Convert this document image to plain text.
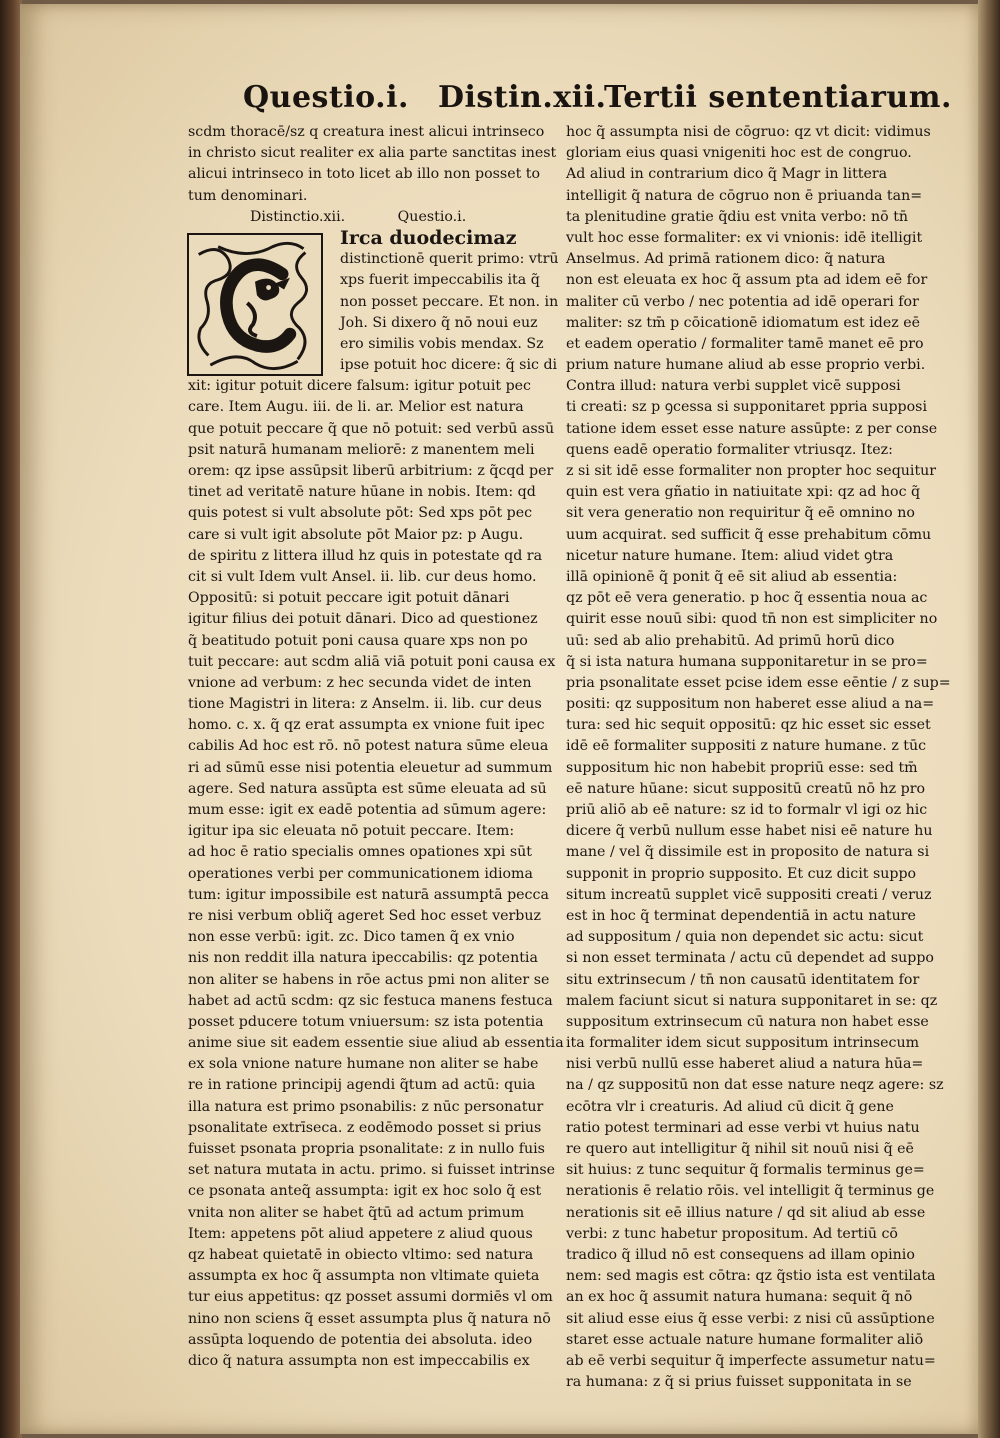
Questio.i. Distin.xii.
Tertii sententiarum.
scdm thoracē/sz q creatura inest alicui intrinseco
in christo sicut realiter ex alia parte sanctitas inest
alicui intrinseco in toto licet ab illo non posset to
tum denominari.
Distinctio.xii.	Questio.i.
Irca duodecimaz
distinctionē querit primo: vtrū
xps fuerit impeccabilis ita q̃
non posset peccare. Et non. in
Joh. Si dixero q̃ nō noui euz
ero similis vobis mendax. Sz
ipse potuit hoc dicere: q̃ sic di
xit: igitur potuit dicere falsum: igitur potuit pec
care. Item Augu. iii. de li. ar. Melior est natura
que potuit peccare q̃ que nō potuit: sed verbū assū
psit naturā humanam meliorē: z manentem meli
orem: qz ipse assūpsit liberū arbitrium: z q̃cqd per
tinet ad veritatē nature hūane in nobis. Item: qd
quis potest si vult absolute pōt: Sed xps pōt pec
care si vult igit absolute pōt Maior pz: p Augu.
de spiritu z littera illud hz quis in potestate qd ra
cit si vult Idem vult Ansel. ii. lib. cur deus homo.
Oppositū: si potuit peccare igit potuit dānari
igitur filius dei potuit dānari. Dico ad questionez
q̃ beatitudo potuit poni causa quare xps non po
tuit peccare: aut scdm aliā viā potuit poni causa ex
vnione ad verbum: z hec secunda videt de inten
tione Magistri in litera: z Anselm. ii. lib. cur deus
homo. c. x. q̃ qz erat assumpta ex vnione fuit ipec
cabilis Ad hoc est rō. nō potest natura sūme eleua
ri ad sūmū esse nisi potentia eleuetur ad summum
agere. Sed natura assūpta est sūme eleuata ad sū
mum esse: igit ex eadē potentia ad sūmum agere:
igitur ipa sic eleuata nō potuit peccare. Item:
ad hoc ē ratio specialis omnes opationes xpi sūt
operationes verbi per communicationem idioma
tum: igitur impossibile est naturā assumptā pecca
re nisi verbum obliq̃ ageret Sed hoc esset verbuz
non esse verbū: igit. zc. Dico tamen q̃ ex vnio
nis non reddit illa natura ipeccabilis: qz potentia
non aliter se habens in rōe actus pmi non aliter se
habet ad actū scdm: qz sic festuca manens festuca
posset pducere totum vniuersum: sz ista potentia
anime siue sit eadem essentie siue aliud ab essentia
ex sola vnione nature humane non aliter se habe
re in ratione principij agendi q̃tum ad actū: quia
illa natura est primo psonabilis: z nūc personatur
psonalitate extrīseca. z eodēmodo posset si prius
fuisset psonata propria psonalitate: z in nullo fuis
set natura mutata in actu. primo. si fuisset intrinse
ce psonata anteq̃ assumpta: igit ex hoc solo q̃ est
vnita non aliter se habet q̃tū ad actum primum
Item: appetens pōt aliud appetere z aliud quous
qz habeat quietatē in obiecto vltimo: sed natura
assumpta ex hoc q̃ assumpta non vltimate quieta
tur eius appetitus: qz posset assumi dormiēs vl om
nino non sciens q̃ esset assumpta plus q̃ natura nō
assūpta loquendo de potentia dei absoluta. ideo
dico q̃ natura assumpta non est impeccabilis ex
hoc q̃ assumpta nisi de cōgruo: qz vt dicit: vidimus
gloriam eius quasi vnigeniti hoc est de congruo.
Ad aliud in contrarium dico q̃ Magr in littera
intelligit q̃ natura de cōgruo non ē priuanda tan=
ta plenitudine gratie q̃diu est vnita verbo: nō tn̄
vult hoc esse formaliter: ex vi vnionis: idē itelligit
Anselmus. Ad primā rationem dico: q̃ natura
non est eleuata ex hoc q̃ assum pta ad idem eē for
maliter cū verbo / nec potentia ad idē operari for
maliter: sz tm̄ p cōicationē idiomatum est idez eē
et eadem operatio / formaliter tamē manet eē pro
prium nature humane aliud ab esse proprio verbi.
Contra illud: natura verbi supplet vicē supposi
ti creati: sz p ꝯcessa si supponitaret ppria supposi
tatione idem esset esse nature assūpte: z per conse
quens eadē operatio formaliter vtriusqz. Itez:
z si sit idē esse formaliter non propter hoc sequitur
quin est vera gñatio in natiuitate xpi: qz ad hoc q̃
sit vera generatio non requiritur q̃ eē omnino no
uum acquirat. sed sufficit q̃ esse prehabitum cōmu
nicetur nature humane. Item: aliud videt ꝯtra
illā opinionē q̃ ponit q̃ eē sit aliud ab essentia:
qz pōt eē vera generatio. p hoc q̃ essentia noua ac
quirit esse nouū sibi: quod tn̄ non est simpliciter no
uū: sed ab alio prehabitū. Ad primū horū dico
q̃ si ista natura humana supponitaretur in se pro=
pria psonalitate esset pcise idem esse eēntie / z sup=
positi: qz suppositum non haberet esse aliud a na=
tura: sed hic sequit oppositū: qz hic esset sic esset
idē eē formaliter suppositi z nature humane. z tūc
suppositum hic non habebit propriū esse: sed tm̄
eē nature hūane: sicut suppositū creatū nō hz pro
priū aliō ab eē nature: sz id to formalr vl igi oz hic
dicere q̃ verbū nullum esse habet nisi eē nature hu
mane / vel q̃ dissimile est in proposito de natura si
supponit in proprio supposito. Et cuz dicit suppo
situm increatū supplet vicē suppositi creati / veruz
est in hoc q̃ terminat dependentiā in actu nature
ad suppositum / quia non dependet sic actu: sicut
si non esset terminata / actu cū dependet ad suppo
situ extrinsecum / tn̄ non causatū identitatem for
malem faciunt sicut si natura supponitaret in se: qz
suppositum extrinsecum cū natura non habet esse
ita formaliter idem sicut suppositum intrinsecum
nisi verbū nullū esse haberet aliud a natura hūa=
na / qz suppositū non dat esse nature neqz agere: sz
ecōtra vlr i creaturis. Ad aliud cū dicit q̃ gene
ratio potest terminari ad esse verbi vt huius natu
re quero aut intelligitur q̃ nihil sit nouū nisi q̃ eē
sit huius: z tunc sequitur q̃ formalis terminus ge=
nerationis ē relatio rōis. vel intelligit q̃ terminus ge
nerationis sit eē illius nature / qd sit aliud ab esse
verbi: z tunc habetur propositum. Ad tertiū cō
tradico q̃ illud nō est consequens ad illam opinio
nem: sed magis est cōtra: qz q̃stio ista est ventilata
an ex hoc q̃ assumit natura humana: sequit q̃ nō
sit aliud esse eius q̃ esse verbi: z nisi cū assūptione
staret esse actuale nature humane formaliter aliō
ab eē verbi sequitur q̃ imperfecte assumetur natu=
ra humana: z q̃ si prius fuisset supponitata in se
